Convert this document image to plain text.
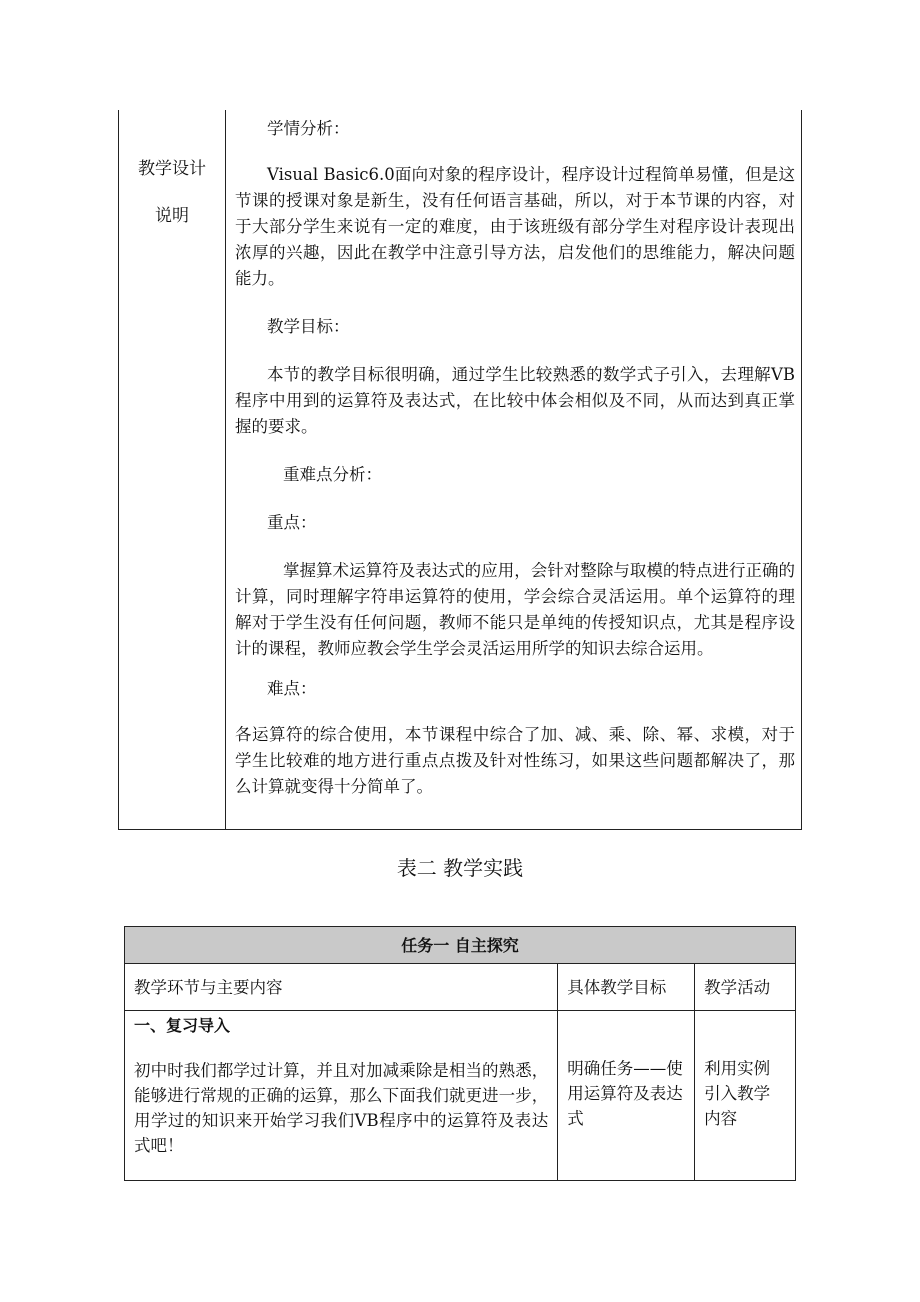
教学设计
说明

学情分析：

Visual Basic6.0面向对象的程序设计，程序设计过程简单易懂，但是这节课的授课对象是新生，没有任何语言基础，所以，对于本节课的内容，对于大部分学生来说有一定的难度，由于该班级有部分学生对程序设计表现出浓厚的兴趣，因此在教学中注意引导方法，启发他们的思维能力，解决问题能力。

教学目标：

本节的教学目标很明确，通过学生比较熟悉的数学式子引入，去理解VB程序中用到的运算符及表达式，在比较中体会相似及不同，从而达到真正掌握的要求。

重难点分析：

重点：

掌握算术运算符及表达式的应用，会针对整除与取模的特点进行正确的计算，同时理解字符串运算符的使用，学会综合灵活运用。单个运算符的理解对于学生没有任何问题，教师不能只是单纯的传授知识点，尤其是程序设计的课程，教师应教会学生学会灵活运用所学的知识去综合运用。

难点：

各运算符的综合使用，本节课程中综合了加、减、乘、除、幂、求模，对于学生比较难的地方进行重点点拨及针对性练习，如果这些问题都解决了，那么计算就变得十分简单了。

表二 教学实践
任务一 自主探究		
教学环节与主要内容	具体教学目标	教学活动

一、复习导入
初中时我们都学过计算，并且对加减乘除是相当的熟悉，能够进行常规的正确的运算，那么下面我们就更进一步，用学过的知识来开始学习我们VB程序中的运算符及表达式吧！	明确任务——使用运算符及表达式	利用实例引入教学内容
